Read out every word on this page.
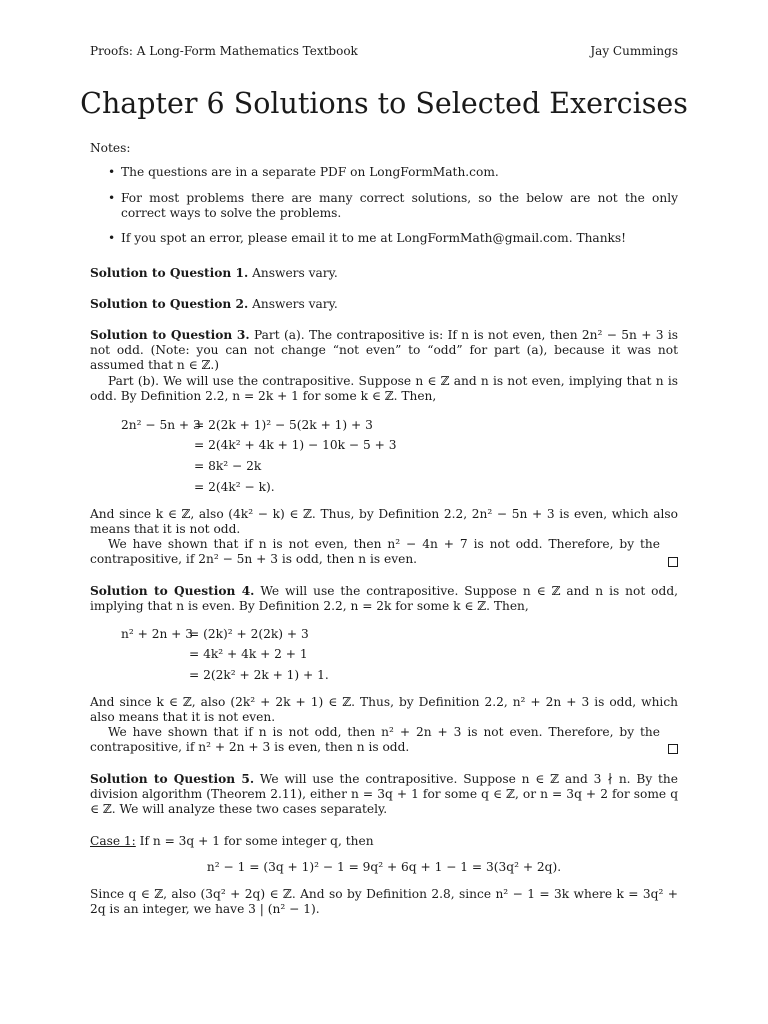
Proofs: A Long-Form Mathematics Textbook	Jay Cummings
Chapter 6 Solutions to Selected Exercises
Notes:
• The questions are in a separate PDF on LongFormMath.com.
• For most problems there are many correct solutions, so the below are not the only correct ways to solve the problems.
• If you spot an error, please email it to me at LongFormMath@gmail.com. Thanks!
Solution to Question 1. Answers vary.
Solution to Question 2. Answers vary.
Solution to Question 3. Part (a). The contrapositive is: If n is not even, then 2n² − 5n + 3 is not odd. (Note: you can not change “not even” to “odd” for part (a), because it was not assumed that n ∈ ℤ.)
Part (b). We will use the contrapositive. Suppose n ∈ ℤ and n is not even, implying that n is odd. By Definition 2.2, n = 2k + 1 for some k ∈ ℤ. Then,
2n² − 5n + 3
= 2(2k + 1)² − 5(2k + 1) + 3
= 2(4k² + 4k + 1) − 10k − 5 + 3
= 8k² − 2k
= 2(4k² − k).
And since k ∈ ℤ, also (4k² − k) ∈ ℤ. Thus, by Definition 2.2, 2n² − 5n + 3 is even, which also means that it is not odd.
We have shown that if n is not even, then n² − 4n + 7 is not odd. Therefore, by the contrapositive, if 2n² − 5n + 3 is odd, then n is even.
Solution to Question 4. We will use the contrapositive. Suppose n ∈ ℤ and n is not odd, implying that n is even. By Definition 2.2, n = 2k for some k ∈ ℤ. Then,
n² + 2n + 3
= (2k)² + 2(2k) + 3
= 4k² + 4k + 2 + 1
= 2(2k² + 2k + 1) + 1.
And since k ∈ ℤ, also (2k² + 2k + 1) ∈ ℤ. Thus, by Definition 2.2, n² + 2n + 3 is odd, which also means that it is not even.
We have shown that if n is not odd, then n² + 2n + 3 is not even. Therefore, by the contrapositive, if n² + 2n + 3 is even, then n is odd.
Solution to Question 5. We will use the contrapositive. Suppose n ∈ ℤ and 3 ∤ n. By the division algorithm (Theorem 2.11), either n = 3q + 1 for some q ∈ ℤ, or n = 3q + 2 for some q ∈ ℤ. We will analyze these two cases separately.
Case 1: If n = 3q + 1 for some integer q, then
n² − 1 = (3q + 1)² − 1 = 9q² + 6q + 1 − 1 = 3(3q² + 2q).
Since q ∈ ℤ, also (3q² + 2q) ∈ ℤ. And so by Definition 2.8, since n² − 1 = 3k where k = 3q² + 2q is an integer, we have 3 | (n² − 1).
